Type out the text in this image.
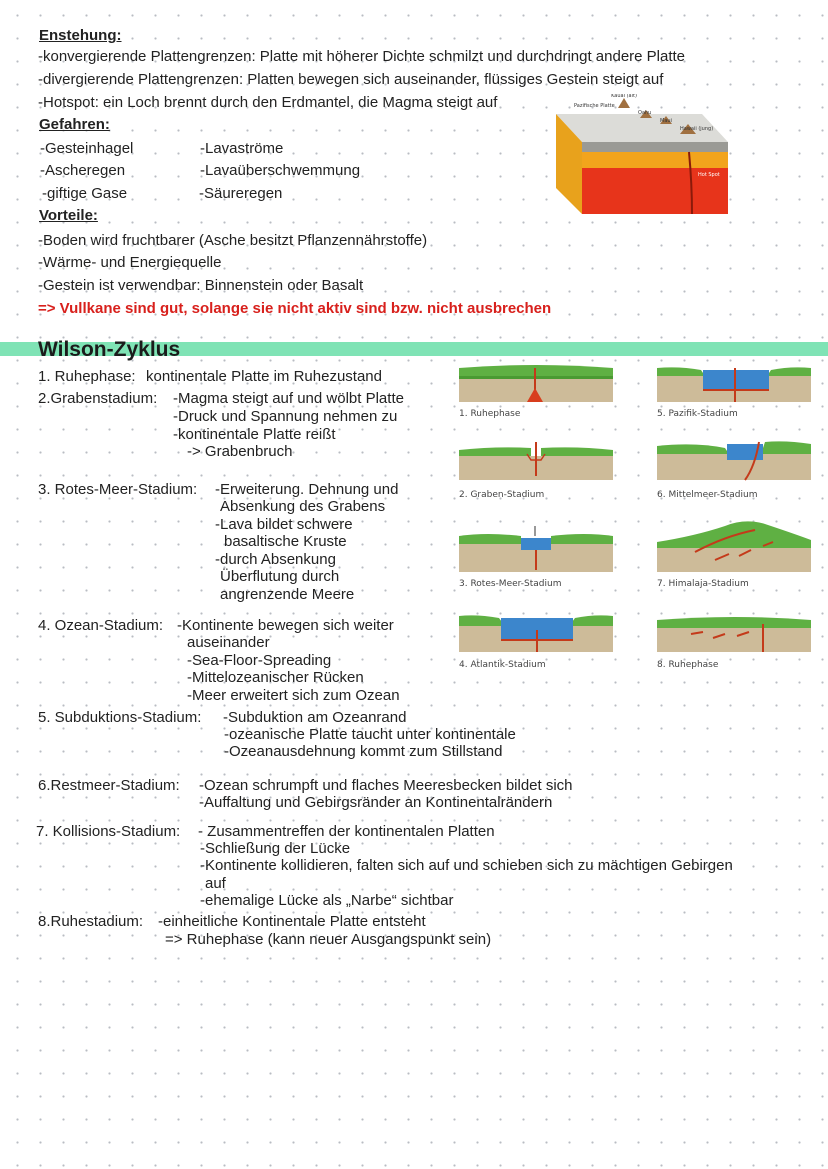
Enstehung:
-konvergierende Plattengrenzen: Platte mit höherer Dichte schmilzt und durchdringt andere Platte
-divergierende Plattengrenzen: Platten bewegen sich auseinander, flüssiges Gestein steigt auf
-Hotspot: ein Loch brennt durch den Erdmantel, die Magma steigt auf	Kauai (alt)
Pazifische Platte
Oahu
Maui
Hawaii (jung)
Hot Spot
Gefahren:
-Gesteinhagel
-Ascheregen
-giftige Gase
-Lavaströme
-Lavaüberschwemmung
-Säureregen
Vorteile:
-Boden wird fruchtbarer (Asche besitzt Pflanzennährstoffe)
-Wärme- und Energiequelle
-Gestein ist verwendbar: Binnenstein oder Basalt
=> Vullkane sind gut, solange sie nicht aktiv sind bzw. nicht ausbrechen
Wilson-Zyklus
1. Ruhephase: kontinentale Platte im Ruhezustand
2.Grabenstadium: -Magma steigt auf und wölbt Platte
-Druck und Spannung nehmen zu
-kontinentale Platte reißt
-> Grabenbruch
3. Rotes-Meer-Stadium: -Erweiterung. Dehnung und
Absenkung des Grabens
-Lava bildet schwere
basaltische Kruste
-durch Absenkung
Überflutung durch
angrenzende Meere
4. Ozean-Stadium: -Kontinente bewegen sich weiter
auseinander
-Sea-Floor-Spreading
-Mittelozeanischer Rücken
-Meer erweitert sich zum Ozean
5. Subduktions-Stadium: -Subduktion am Ozeanrand
-ozeanische Platte taucht unter kontinentale
-Ozeanausdehnung kommt zum Stillstand
6.Restmeer-Stadium: -Ozean schrumpft und flaches Meeresbecken bildet sich
-Auffaltung und Gebirgsränder an Kontinentalrändern
7. Kollisions-Stadium: - Zusammentreffen der kontinentalen Platten
-Schließung der Lücke
-Kontinente kollidieren, falten sich auf und schieben sich zu mächtigen Gebirgen
auf
-ehemalige Lücke als „Narbe“ sichtbar
8.Ruhestadium: -einheitliche Kontinentale Platte entsteht
=> Ruhephase (kann neuer Ausgangspunkt sein)
1. Ruhephase
2. Graben-Stadium
3. Rotes-Meer-Stadium
4. Atlantik-Stadium
5. Pazifik-Stadium
6. Mittelmeer-Stadium
7. Himalaja-Stadium
8. Ruhephase
